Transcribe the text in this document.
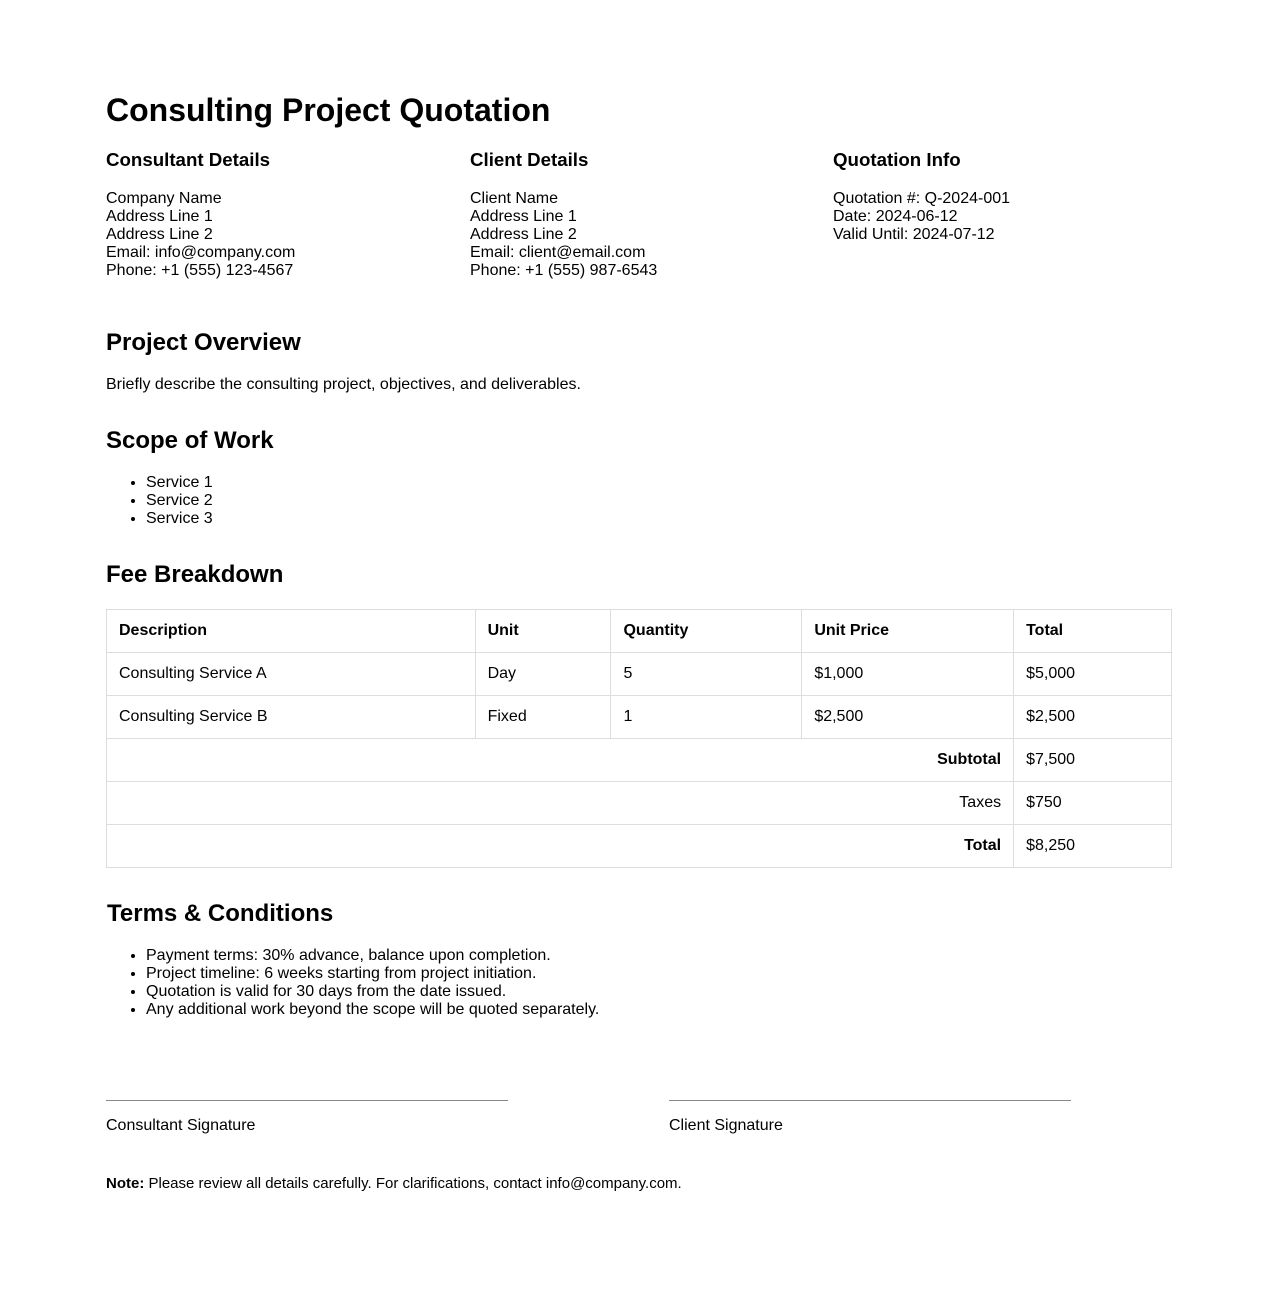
Consulting Project Quotation
Consultant Details
Company Name
Address Line 1
Address Line 2
Email: info@company.com
Phone: +1 (555) 123-4567
Client Details
Client Name
Address Line 1
Address Line 2
Email: client@email.com
Phone: +1 (555) 987-6543
Quotation Info
Quotation #: Q-2024-001
Date: 2024-06-12
Valid Until: 2024-07-12
Project Overview

Briefly describe the consulting project, objectives, and deliverables.

Scope of Work
• Service 1
• Service 2
• Service 3
Fee Breakdown
Description	Unit	Quantity	Unit Price	Total
Consulting Service A	Day	5	$1,000	$5,000
Consulting Service B	Fixed	1	$2,500	$2,500
Subtotal				$7,500
Taxes				$750
Total				$8,250
Terms & Conditions
• Payment terms: 30% advance, balance upon completion.
• Project timeline: 6 weeks starting from project initiation.
• Quotation is valid for 30 days from the date issued.
• Any additional work beyond the scope will be quoted separately.
Consultant Signature	Client Signature
Note: Please review all details carefully. For clarifications, contact info@company.com.
